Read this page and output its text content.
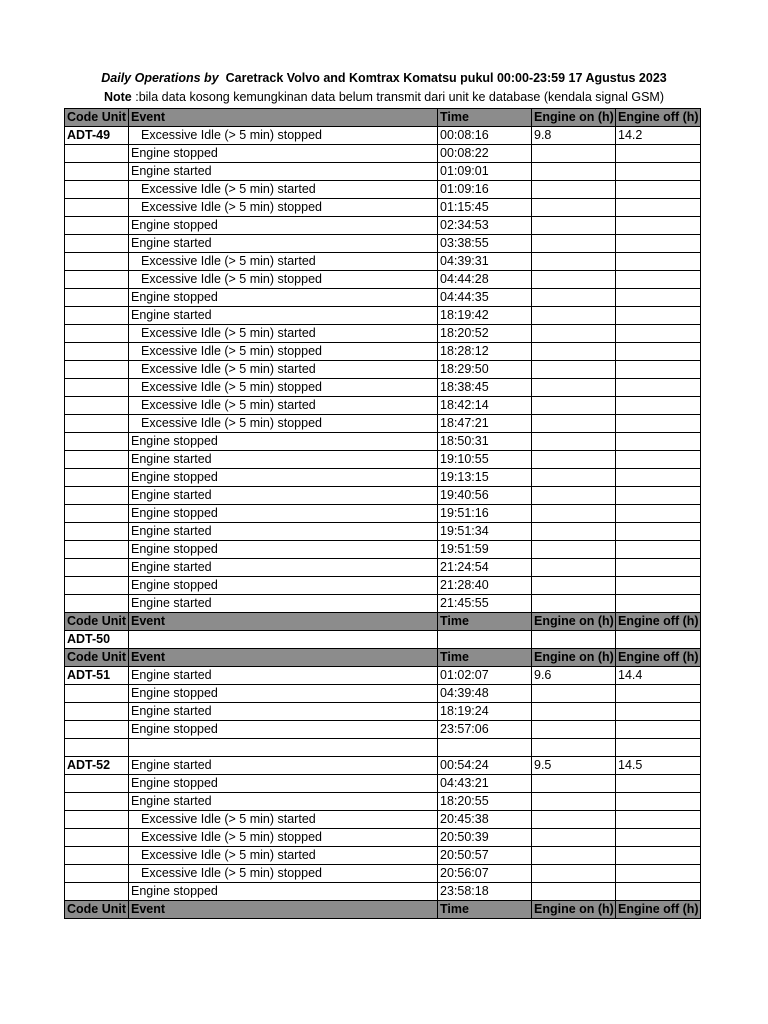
Daily Operations by Caretrack Volvo and Komtrax Komatsu pukul 00:00-23:59 17 Agustus 2023
Note :bila data kosong kemungkinan data belum transmit dari unit ke database (kendala signal GSM)
Code Unit	Event	Time	Engine on (h)	Engine off (h)
ADT-49	Excessive Idle (> 5 min) stopped	00:08:16	9.8	14.2
	Engine stopped	00:08:22		
	Engine started	01:09:01		
	Excessive Idle (> 5 min) started	01:09:16		
	Excessive Idle (> 5 min) stopped	01:15:45		
	Engine stopped	02:34:53		
	Engine started	03:38:55		
	Excessive Idle (> 5 min) started	04:39:31		
	Excessive Idle (> 5 min) stopped	04:44:28		
	Engine stopped	04:44:35		
	Engine started	18:19:42		
	Excessive Idle (> 5 min) started	18:20:52		
	Excessive Idle (> 5 min) stopped	18:28:12		
	Excessive Idle (> 5 min) started	18:29:50		
	Excessive Idle (> 5 min) stopped	18:38:45		
	Excessive Idle (> 5 min) started	18:42:14		
	Excessive Idle (> 5 min) stopped	18:47:21		
	Engine stopped	18:50:31		
	Engine started	19:10:55		
	Engine stopped	19:13:15		
	Engine started	19:40:56		
	Engine stopped	19:51:16		
	Engine started	19:51:34		
	Engine stopped	19:51:59		
	Engine started	21:24:54		
	Engine stopped	21:28:40		
	Engine started	21:45:55		
Code Unit	Event	Time	Engine on (h)	Engine off (h)
ADT-50				
Code Unit	Event	Time	Engine on (h)	Engine off (h)
ADT-51	Engine started	01:02:07	9.6	14.4
	Engine stopped	04:39:48		
	Engine started	18:19:24		
	Engine stopped	23:57:06		

ADT-52	Engine started	00:54:24	9.5	14.5
	Engine stopped	04:43:21		
	Engine started	18:20:55		
	Excessive Idle (> 5 min) started	20:45:38		
	Excessive Idle (> 5 min) stopped	20:50:39		
	Excessive Idle (> 5 min) started	20:50:57		
	Excessive Idle (> 5 min) stopped	20:56:07		
	Engine stopped	23:58:18		
Code Unit	Event	Time	Engine on (h)	Engine off (h)
